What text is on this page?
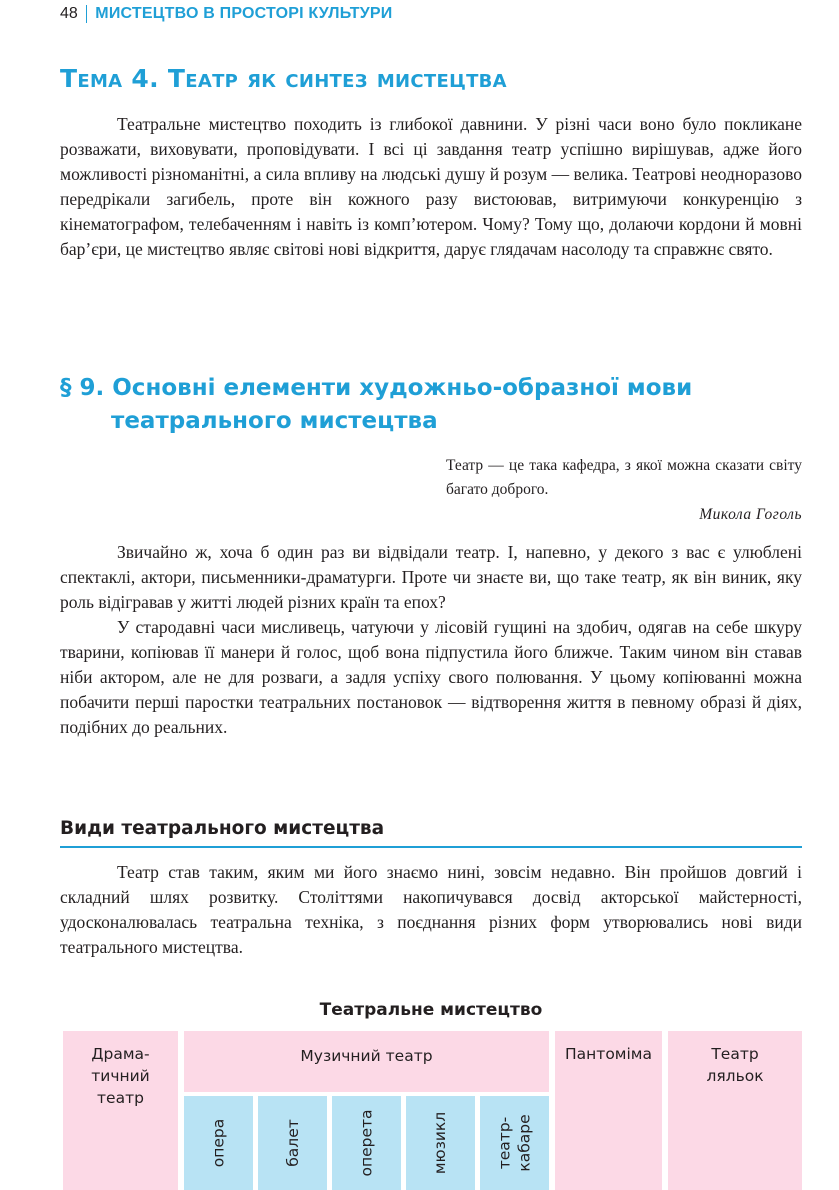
48 МИСТЕЦТВО В ПРОСТОРІ КУЛЬТУРИ
Тема 4. Театр як синтез мистецтва
Театральне мистецтво походить із глибокої давнини. У різні часи воно було покликане розважати, виховувати, проповідувати. І всі ці завдання театр успішно вирішував, адже його можливості різноманітні, а сила впливу на людські душу й розум — велика. Театрові неодноразово передрікали загибель, проте він кожного разу вистоював, витримуючи конкуренцію з кінематографом, телебаченням і навіть із комп’ютером. Чому? Тому що, долаючи кордони й мовні бар’єри, це мистецтво являє світові нові відкриття, дарує глядачам насолоду та справжнє свято.
§ 9. Основні елементи художньо-образної мови
театрального мистецтва
Театр — це така кафедра, з якої можна сказати світу багато доброго.
Микола Гоголь
Звичайно ж, хоча б один раз ви відвідали театр. І, напевно, у декого з вас є улюблені спектаклі, актори, письменники-драматурги. Проте чи знаєте ви, що таке театр, як він виник, яку роль відігравав у житті людей різних країн та епох?
У стародавні часи мисливець, чатуючи у лісовій гущині на здобич, одягав на себе шкуру тварини, копіював її манери й голос, щоб вона підпустила його ближче. Таким чином він ставав ніби актором, але не для розваги, а задля успіху свого полювання. У цьому копіюванні можна побачити перші паростки театральних постановок — відтворення життя в певному образі й діях, подібних до реальних.
Види театрального мистецтва
Театр став таким, яким ми його знаємо нині, зовсім недавно. Він пройшов довгий і складний шлях розвитку. Століттями накопичувався досвід акторської майстерності, удосконалювалась театральна техніка, з поєднання різних форм утворювались нові види театрального мистецтва.
Театральне мистецтво
Драма-
тичний
театр
Музичний театр
опера	балет	оперета	мюзикл	театр-
кабаре
Пантоміма	Театр
ляльок
